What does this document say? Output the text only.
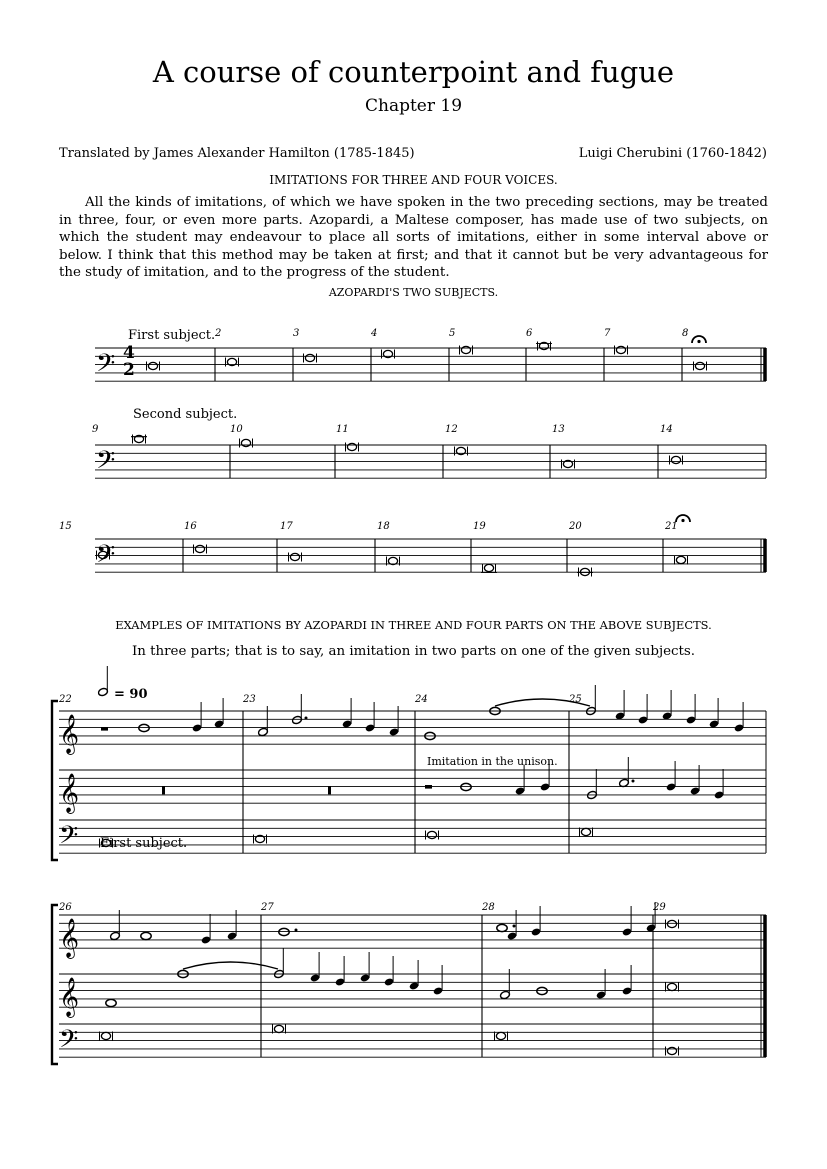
A course of counterpoint and fugue
Chapter 19
Translated by James Alexander Hamilton (1785-1845)	Luigi Cherubini (1760-1842)
IMITATIONS FOR THREE AND FOUR VOICES.
All the kinds of imitations, of which we have spoken in the two preceding sections, may be treated in three, four, or even more parts. Azopardi, a Maltese composer, has made use of two subjects, on which the student may endeavour to place all sorts of imitations, either in some interval above or below. I think that this method may be taken at first; and that it cannot but be very advantageous for the study of imitation, and to the progress of the student.
AZOPARDI'S TWO SUBJECTS.
EXAMPLES OF IMITATIONS BY AZOPARDI IN THREE AND FOUR PARTS ON THE ABOVE SUBJECTS.
In three parts; that is to say, an imitation in two parts on one of the given subjects.
𝄢 4
2
𝄢
𝄢
𝄞
𝄞
𝄢
𝄞
𝄞
𝄢
First subject. 2	3	4	5	6	7	8
Second subject.
9	10	11	12	13	14
15	16	17	18	19	20	21
22	23	24	25
= 90
Imitation in the unison.
First subject.
26	27	28	29
